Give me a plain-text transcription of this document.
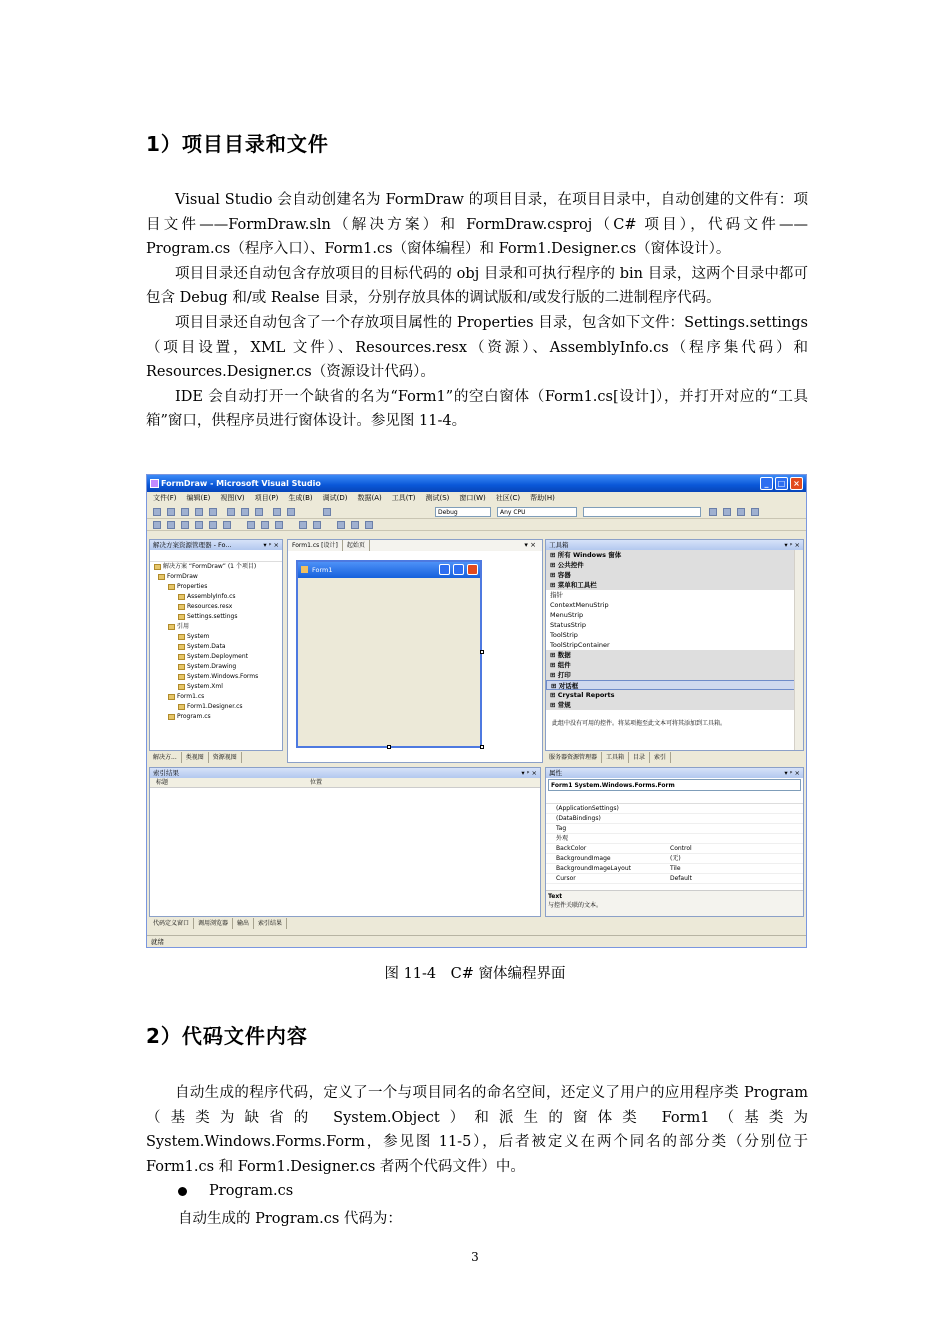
1）项目目录和文件

Visual Studio 会自动创建名为 FormDraw 的项目目录，在项目目录中，自动创建的文件有：项目文件——FormDraw.sln（解决方案）和 FormDraw.csproj（C# 项目），代码文件——Program.cs（程序入口）、Form1.cs（窗体编程）和 Form1.Designer.cs（窗体设计）。

项目目录还自动包含存放项目的目标代码的 obj 目录和可执行程序的 bin 目录，这两个目录中都可包含 Debug 和/或 Realse 目录，分别存放具体的调试版和/或发行版的二进制程序代码。

项目目录还自动包含了一个存放项目属性的 Properties 目录，包含如下文件：Settings.settings（项目设置，XML 文件）、Resources.resx（资源）、AssemblyInfo.cs（程序集代码）和 Resources.Designer.cs（资源设计代码）。

IDE 会自动打开一个缺省的名为“Form1”的空白窗体（Form1.cs[设计]），并打开对应的“工具箱”窗口，供程序员进行窗体设计。参见图 11-4。

FormDraw - Microsoft Visual Studio	_	□ ×
文件(F) 编辑(E) 视图(V) 项目(P) 生成(B) 调试(D) 数据(A) 工具(T) 测试(S) 窗口(W) 社区(C) 帮助(H)
Debug	Any CPU
解决方案资源管理器 - Fo...	▾ ᵖ ×
解决方案 “FormDraw” (1 个项目)
FormDraw
Properties
AssemblyInfo.cs
Resources.resx
Settings.settings
引用
System
System.Data
System.Deployment
System.Drawing
System.Windows.Forms
System.Xml
Form1.cs
Form1.Designer.cs
Program.cs
解决方...	类视图	资源视图
Form1.cs [设计]	起始页	▾ ×
Form1
工具箱	▾ ᵖ ×
⊞ 所有 Windows 窗体
⊞ 公共控件
⊞ 容器
⊞ 菜单和工具栏
指针
ContextMenuStrip
MenuStrip
StatusStrip
ToolStrip
ToolStripContainer
⊞ 数据
⊞ 组件
⊞ 打印
⊞ 对话框
⊞ Crystal Reports
⊞ 常规
此组中没有可用的控件。将某项拖至此文本可将其添加到工具箱。
服务器资源管理器	工具箱	目录	索引
索引结果	▾ ᵖ ×
标题	位置
代码定义窗口	调用浏览器	输出	索引结果
属性	▾ ᵖ ×
Form1 System.Windows.Forms.Form
(ApplicationSettings)
(DataBindings)
Tag
外观
BackColor	Control
BackgroundImage	(无)
BackgroundImageLayout	Tile
Cursor	Default
Text
与控件关联的文本。
就绪
图 11-4　C# 窗体编程界面
2）代码文件内容

自动生成的程序代码，定义了一个与项目同名的命名空间，还定义了用户的应用程序类 Program（基类为缺省的 System.Object）和派生的窗体类 Form1（基类为 System.Windows.Forms.Form，参见图 11-5），后者被定义在两个同名的部分类（分别位于 Form1.cs 和 Form1.Designer.cs 者两个代码文件）中。

Program.cs
自动生成的 Program.cs 代码为：
3
